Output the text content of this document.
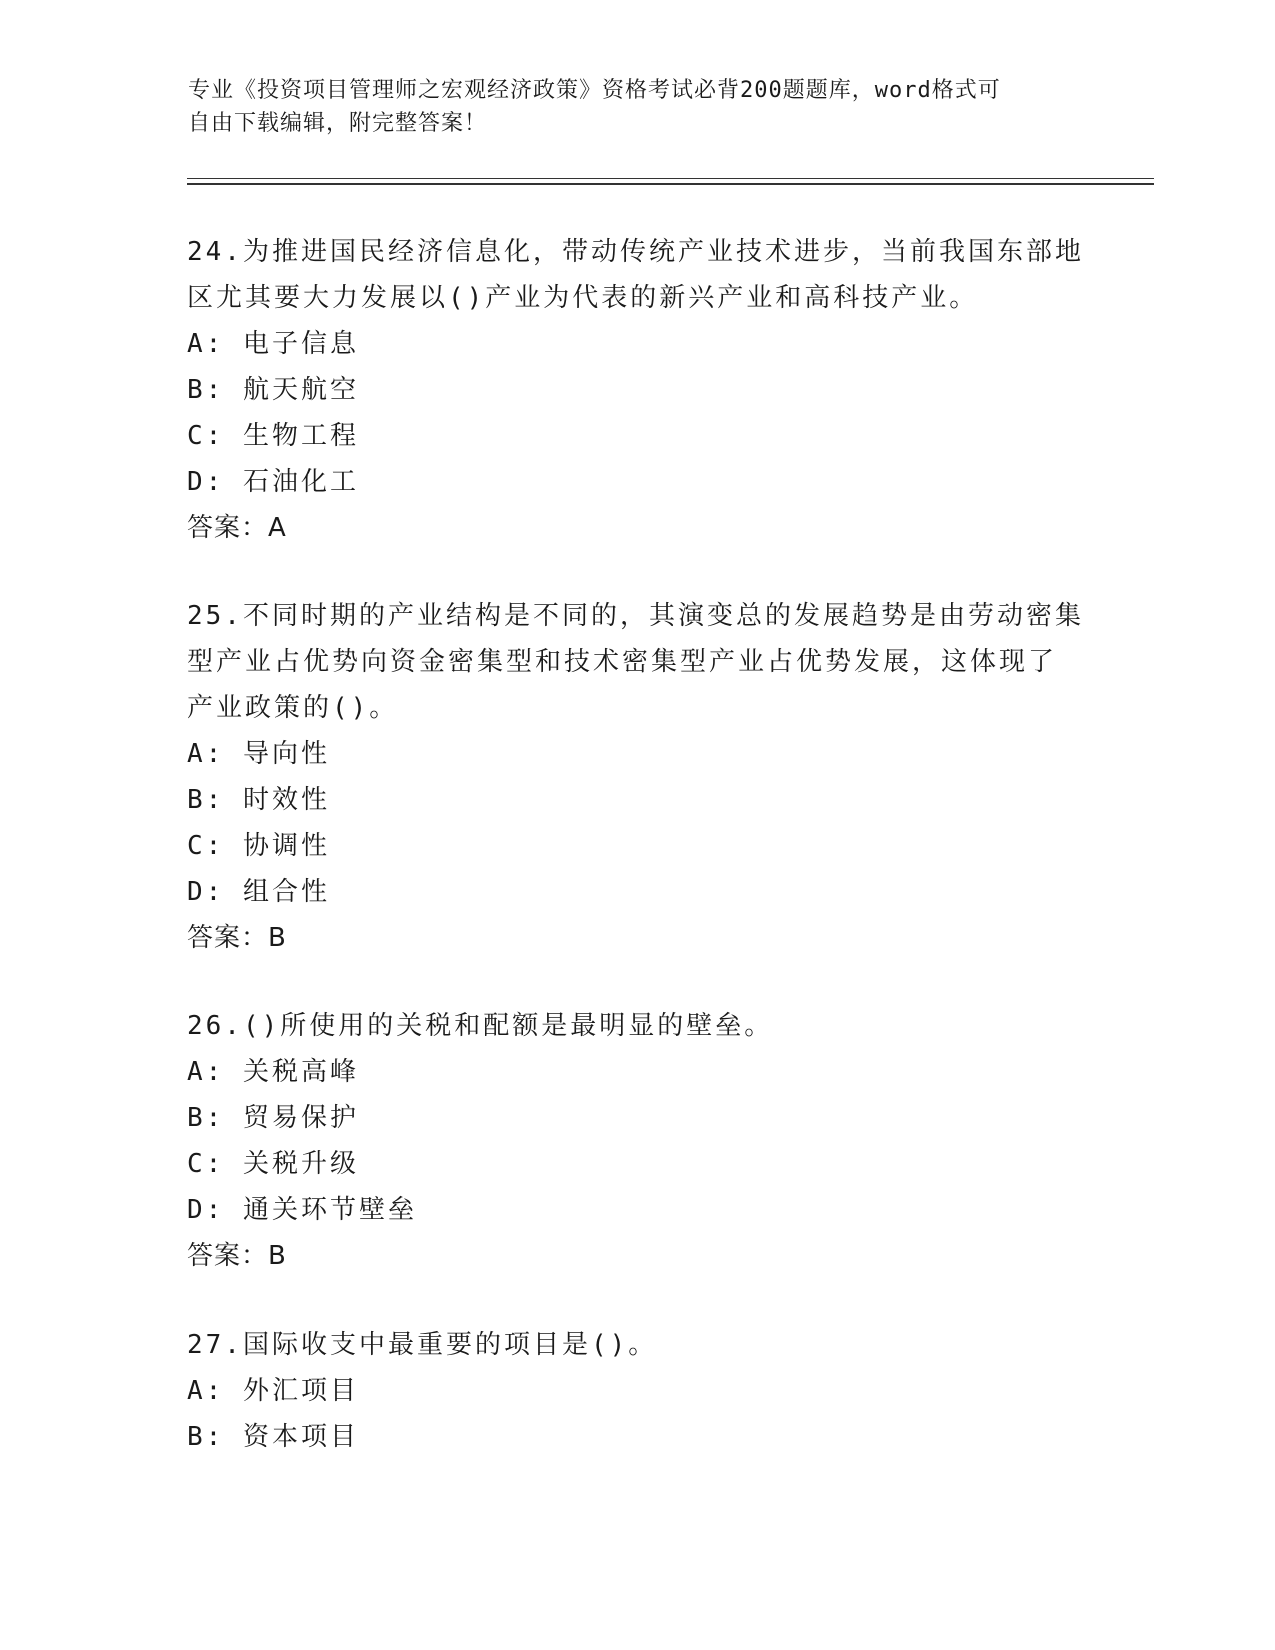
专业《投资项目管理师之宏观经济政策》资格考试必背200题题库，word格式可
自由下载编辑，附完整答案！
24.为推进国民经济信息化，带动传统产业技术进步，当前我国东部地
区尤其要大力发展以()产业为代表的新兴产业和高科技产业。
A: 电子信息
B: 航天航空
C: 生物工程
D: 石油化工
答案：A
25.不同时期的产业结构是不同的，其演变总的发展趋势是由劳动密集
型产业占优势向资金密集型和技术密集型产业占优势发展，这体现了
产业政策的()。
A: 导向性
B: 时效性
C: 协调性
D: 组合性
答案：B
26.()所使用的关税和配额是最明显的壁垒。
A: 关税高峰
B: 贸易保护
C: 关税升级
D: 通关环节壁垒
答案：B
27.国际收支中最重要的项目是()。
A: 外汇项目
B: 资本项目
